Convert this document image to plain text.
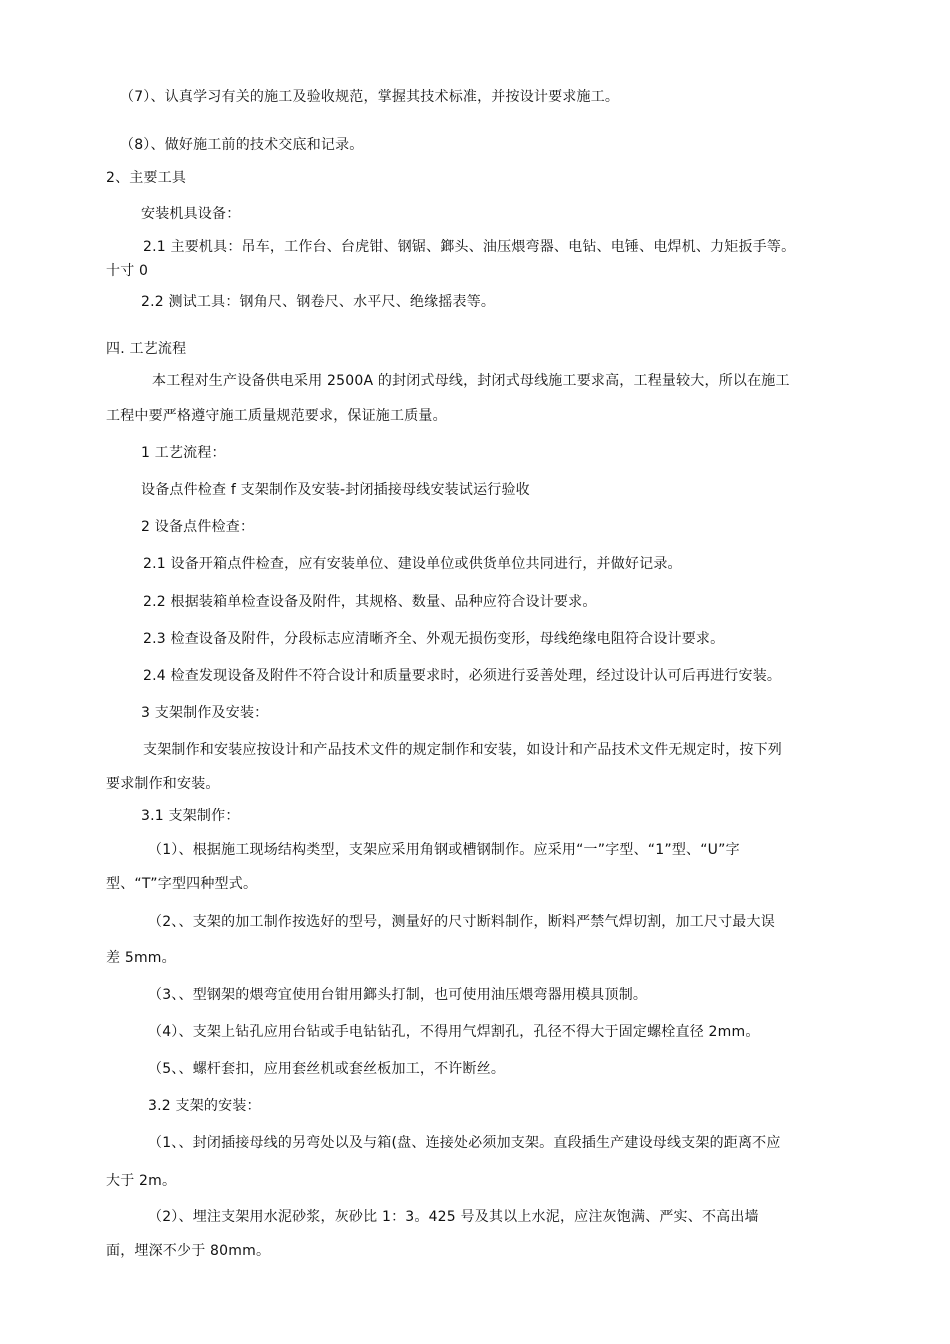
（7）、认真学习有关的施工及验收规范，掌握其技术标准，并按设计要求施工。

（8）、做好施工前的技术交底和记录。

2、主要工具

安装机具设备：

2.1 主要机具：吊车，工作台、台虎钳、钢锯、鎯头、油压煨弯器、电钻、电锤、电焊机、力矩扳手等。

十寸 0

2.2 测试工具：钢角尺、钢卷尺、水平尺、绝缘摇表等。

四. 工艺流程

本工程对生产设备供电采用 2500A 的封闭式母线，封闭式母线施工要求高，工程量较大，所以在施工

工程中要严格遵守施工质量规范要求，保证施工质量。

1 工艺流程：

设备点件检查 f 支架制作及安装-封闭插接母线安装试运行验收

2 设备点件检查：

2.1 设备开箱点件检查，应有安装单位、建设单位或供货单位共同进行，并做好记录。

2.2 根据装箱单检查设备及附件，其规格、数量、品种应符合设计要求。

2.3 检查设备及附件，分段标志应清晰齐全、外观无损伤变形，母线绝缘电阻符合设计要求。

2.4 检查发现设备及附件不符合设计和质量要求时，必须进行妥善处理，经过设计认可后再进行安装。

3 支架制作及安装：

支架制作和安装应按设计和产品技术文件的规定制作和安装，如设计和产品技术文件无规定时，按下列

要求制作和安装。

3.1 支架制作：

（1）、根据施工现场结构类型，支架应采用角钢或槽钢制作。应采用“一”字型、“1”型、“U”字

型、“T”字型四种型式。

（2、、支架的加工制作按选好的型号，测量好的尺寸断料制作，断料严禁气焊切割，加工尺寸最大误

差 5mm。

（3、、型钢架的煨弯宜使用台钳用鎯头打制，也可使用油压煨弯器用模具顶制。

（4）、支架上钻孔应用台钻或手电钻钻孔，不得用气焊割孔，孔径不得大于固定螺栓直径 2mm。

（5、、螺杆套扣，应用套丝机或套丝板加工，不许断丝。

3.2 支架的安装：

（1、、封闭插接母线的另弯处以及与箱(盘、连接处必须加支架。直段插生产建设母线支架的距离不应

大于 2m。

（2）、埋注支架用水泥砂浆，灰砂比 1：3。425 号及其以上水泥，应注灰饱满、严实、不高出墙

面，埋深不少于 80mm。
